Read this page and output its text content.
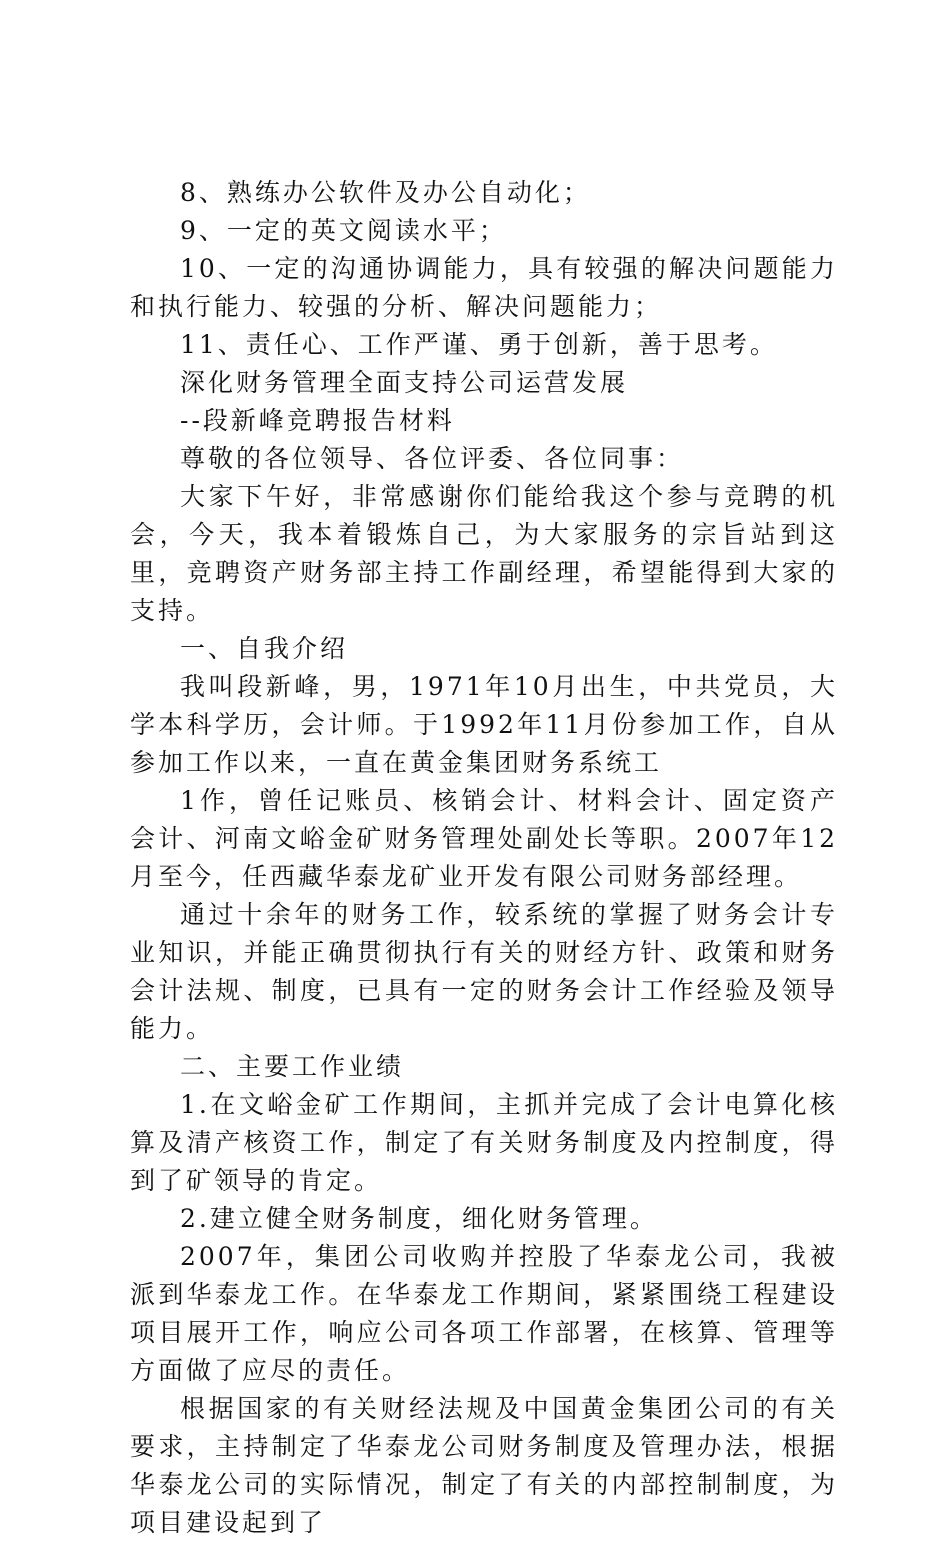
8、熟练办公软件及办公自动化；

9、一定的英文阅读水平；

10、一定的沟通协调能力，具有较强的解决问题能力和执行能力、较强的分析、解决问题能力；

11、责任心、工作严谨、勇于创新，善于思考。

深化财务管理全面支持公司运营发展

--段新峰竞聘报告材料

尊敬的各位领导、各位评委、各位同事：

大家下午好，非常感谢你们能给我这个参与竞聘的机会，今天，我本着锻炼自己，为大家服务的宗旨站到这里，竞聘资产财务部主持工作副经理，希望能得到大家的支持。

一、自我介绍

我叫段新峰，男，1971年10月出生，中共党员，大学本科学历，会计师。于1992年11月份参加工作，自从参加工作以来，一直在黄金集团财务系统工

1作，曾任记账员、核销会计、材料会计、固定资产会计、河南文峪金矿财务管理处副处长等职。2007年12月至今，任西藏华泰龙矿业开发有限公司财务部经理。

通过十余年的财务工作，较系统的掌握了财务会计专业知识，并能正确贯彻执行有关的财经方针、政策和财务会计法规、制度，已具有一定的财务会计工作经验及领导能力。

二、主要工作业绩

1.在文峪金矿工作期间，主抓并完成了会计电算化核算及清产核资工作，制定了有关财务制度及内控制度，得到了矿领导的肯定。

2.建立健全财务制度，细化财务管理。

2007年，集团公司收购并控股了华泰龙公司，我被派到华泰龙工作。在华泰龙工作期间，紧紧围绕工程建设项目展开工作，响应公司各项工作部署，在核算、管理等方面做了应尽的责任。

根据国家的有关财经法规及中国黄金集团公司的有关要求，主持制定了华泰龙公司财务制度及管理办法，根据华泰龙公司的实际情况，制定了有关的内部控制制度，为项目建设起到了
